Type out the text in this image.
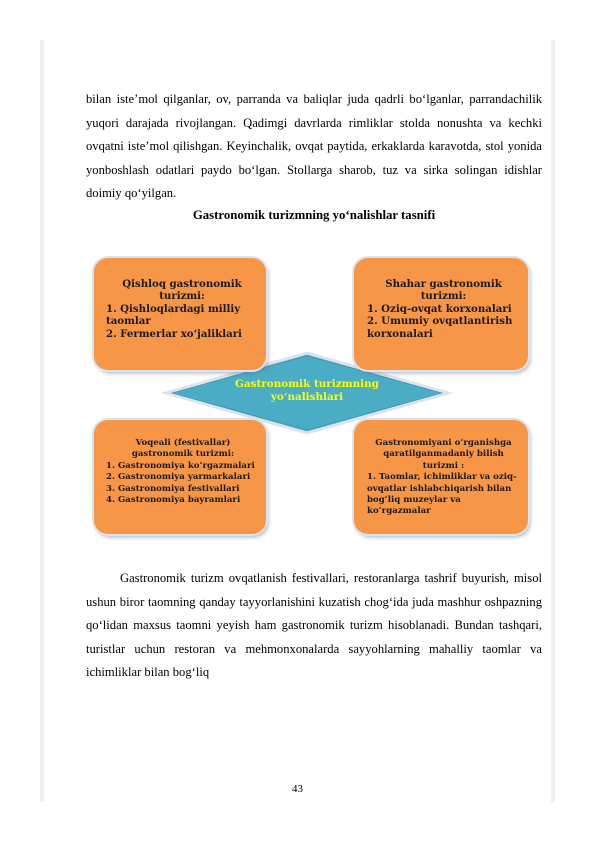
bilan isteʼmol qilganlar, ov, parranda va baliqlar juda qadrli bo‘lganlar, parrandachilik yuqori darajada rivojlangan. Qadimgi davrlarda rimliklar stolda nonushta va kechki ovqatni isteʼmol qilishgan. Keyinchalik, ovqat paytida, erkaklarda karavotda, stol yonida yonboshlash odatlari paydo bo‘lgan. Stollarga sharob, tuz va sirka solingan idishlar doimiy qo‘yilgan.

Gastronomik turizmning yo‘nalishlar tasnifi

Qishloq gastronomik
turizmi:
1. Qishloqlardagi milliy taomlar
2. Fermerlar xo‘jaliklari
Shahar gastronomik
turizmi:
1. Oziq-ovqat korxonalari
2. Umumiy ovqatlantirish korxonalari
Voqeali (festivallar)
gastronomik turizmi:
1. Gastronomiya ko‘rgazmalari
2. Gastronomiya yarmarkalari
3. Gastronomiya festivallari
4. Gastronomiya bayramlari
Gastronomiyani o‘rganishga
qaratilganmadaniy bilish
turizmi :
1. Taomlar, ichimliklar va oziq-ovqatlar ishlabchiqarish bilan bog‘liq muzeylar va ko‘rgazmalar
Gastronomik turizmning
yo‘nalishlari

Gastronomik turizm ovqatlanish festivallari, restoranlarga tashrif buyurish, misol ushun biror taomning qanday tayyorlanishini kuzatish chog‘ida juda mashhur oshpazning qo‘lidan maxsus taomni yeyish ham gastronomik turizm hisoblanadi. Bundan tashqari, turistlar uchun restoran va mehmonxonalarda sayyohlarning mahalliy taomlar va ichimliklar bilan bog‘liq

43
